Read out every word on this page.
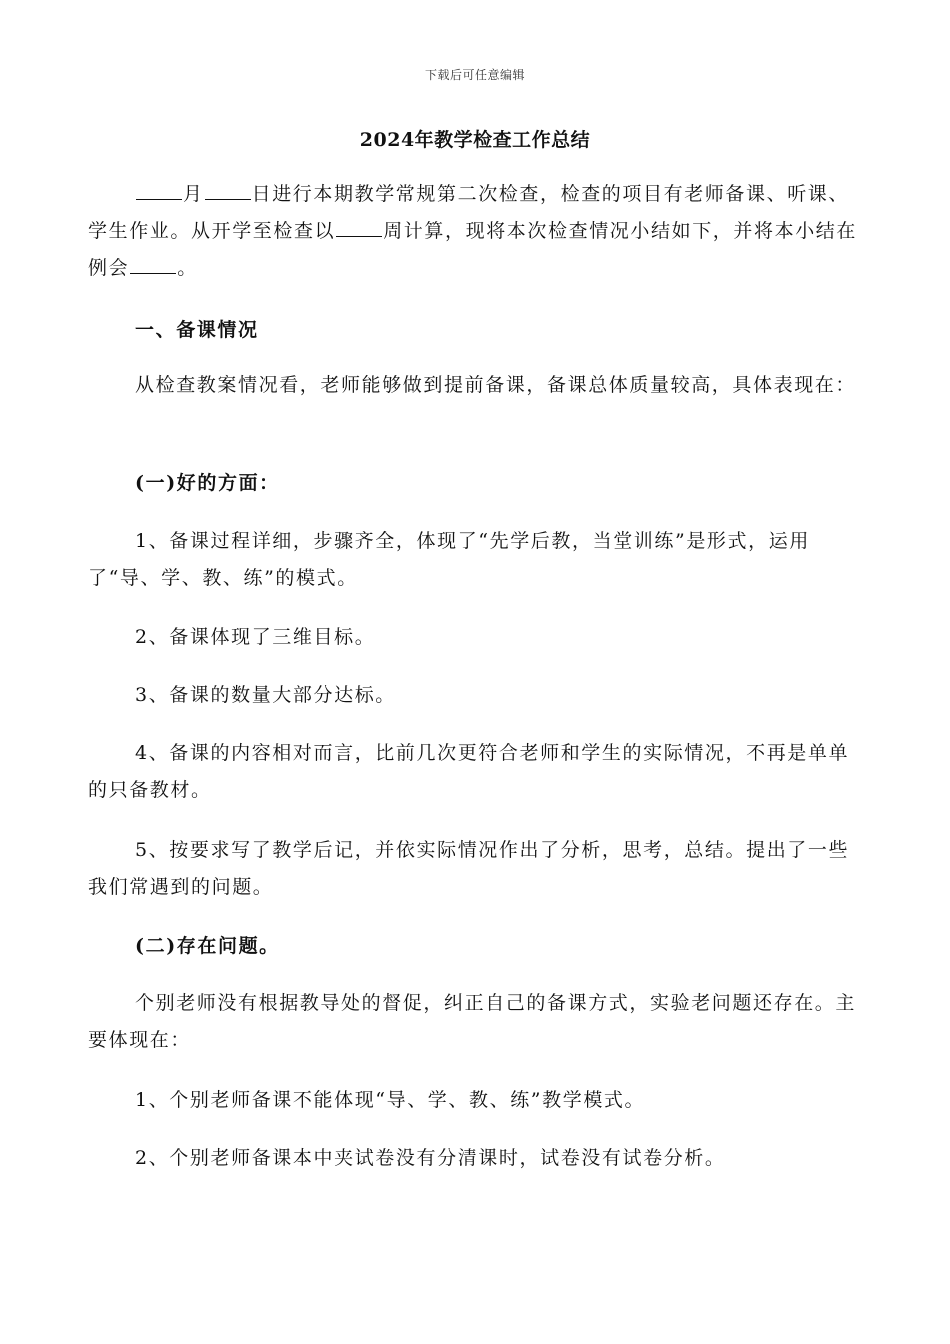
下载后可任意编辑
2024年教学检查工作总结

月	日进行本期教学常规第二次检查，检查的项目有老师备课、听课、学生作业。从开学至检查以	周计算，现将本次检查情况小结如下，并将本小结在例会	。

一、备课情况

从检查教案情况看，老师能够做到提前备课，备课总体质量较高，具体表现在：

(一)好的方面：

1、备课过程详细，步骤齐全，体现了“先学后教，当堂训练”是形式，运用了“导、学、教、练”的模式。

2、备课体现了三维目标。

3、备课的数量大部分达标。

4、备课的内容相对而言，比前几次更符合老师和学生的实际情况，不再是单单的只备教材。

5、按要求写了教学后记，并依实际情况作出了分析，思考，总结。提出了一些我们常遇到的问题。

(二)存在问题。

个别老师没有根据教导处的督促，纠正自己的备课方式，实验老问题还存在。主要体现在：

1、个别老师备课不能体现“导、学、教、练”教学模式。

2、个别老师备课本中夹试卷没有分清课时，试卷没有试卷分析。
